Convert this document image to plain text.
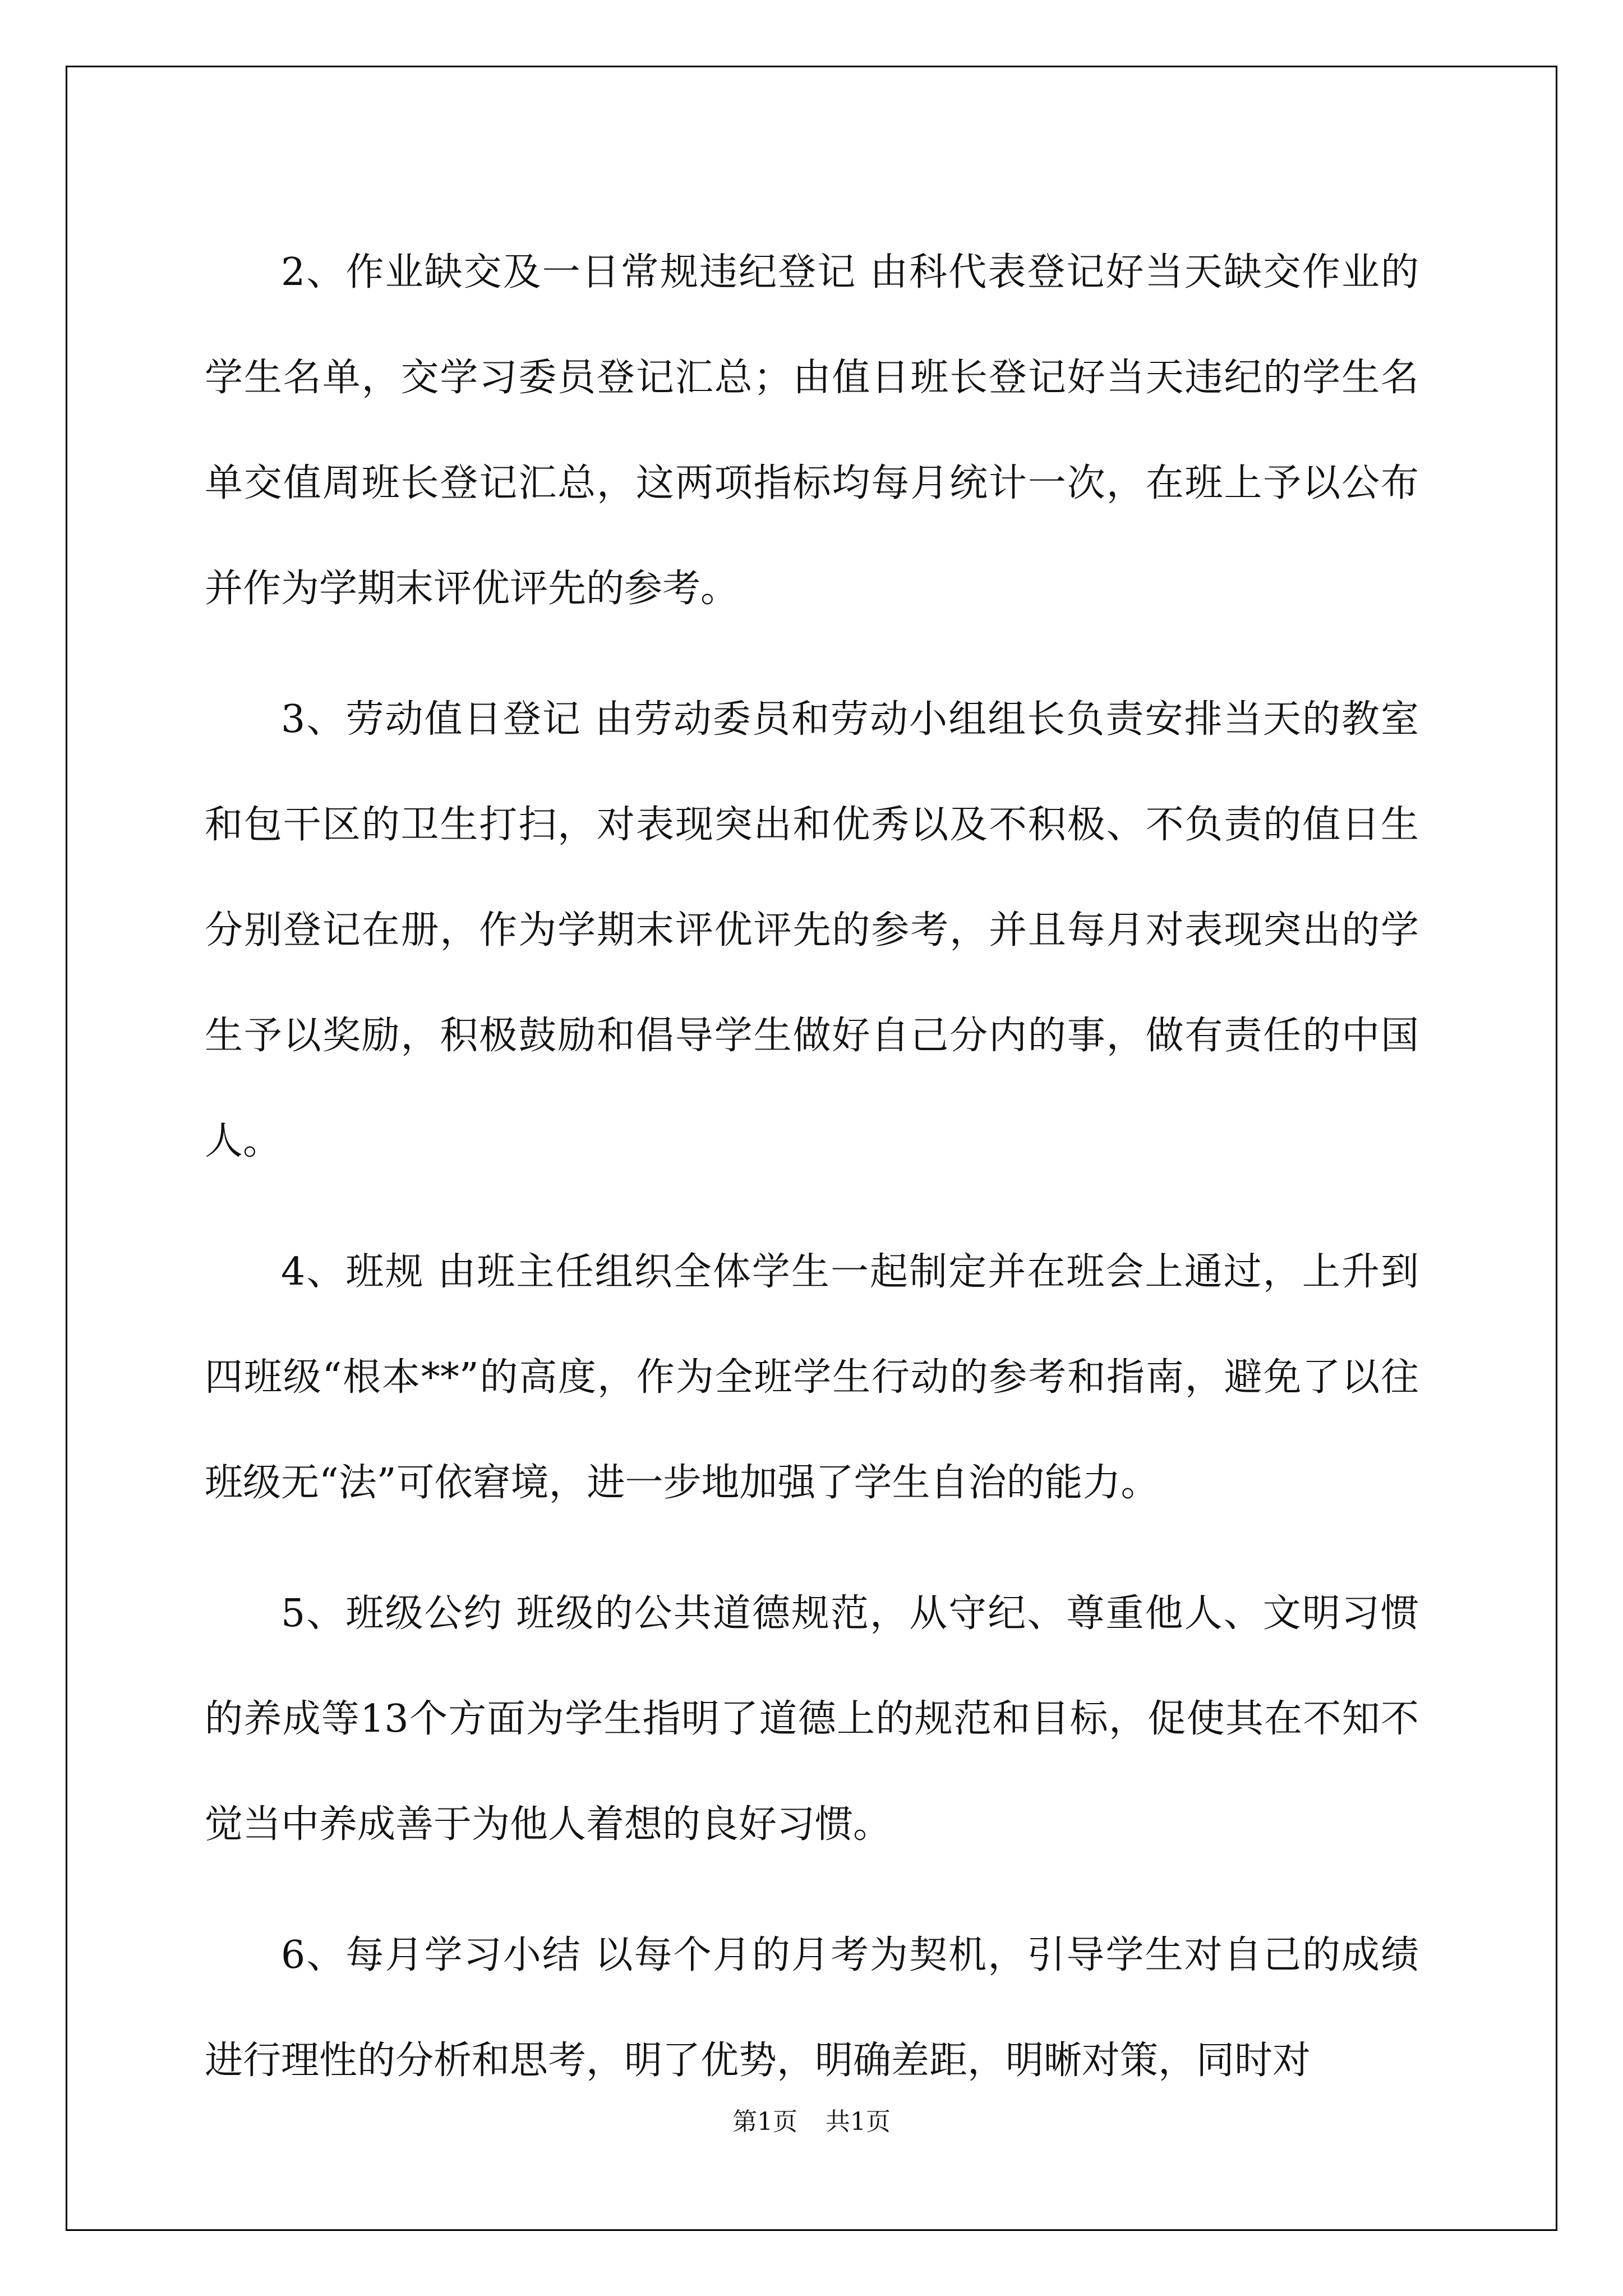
2、作业缺交及一日常规违纪登记 由科代表登记好当天缺交作业的学生名单，交学习委员登记汇总；由值日班长登记好当天违纪的学生名单交值周班长登记汇总，这两项指标均每月统计一次，在班上予以公布并作为学期末评优评先的参考。

3、劳动值日登记 由劳动委员和劳动小组组长负责安排当天的教室和包干区的卫生打扫，对表现突出和优秀以及不积极、不负责的值日生分别登记在册，作为学期末评优评先的参考，并且每月对表现突出的学生予以奖励，积极鼓励和倡导学生做好自己分内的事，做有责任的中国人。

4、班规 由班主任组织全体学生一起制定并在班会上通过，上升到四班级“根本**”的高度，作为全班学生行动的参考和指南，避免了以往班级无“法”可依窘境，进一步地加强了学生自治的能力。

5、班级公约 班级的公共道德规范，从守纪、尊重他人、文明习惯的养成等13个方面为学生指明了道德上的规范和目标，促使其在不知不觉当中养成善于为他人着想的良好习惯。

6、每月学习小结 以每个月的月考为契机，引导学生对自己的成绩进行理性的分析和思考，明了优势，明确差距，明晰对策，同时对

第1页 共1页
